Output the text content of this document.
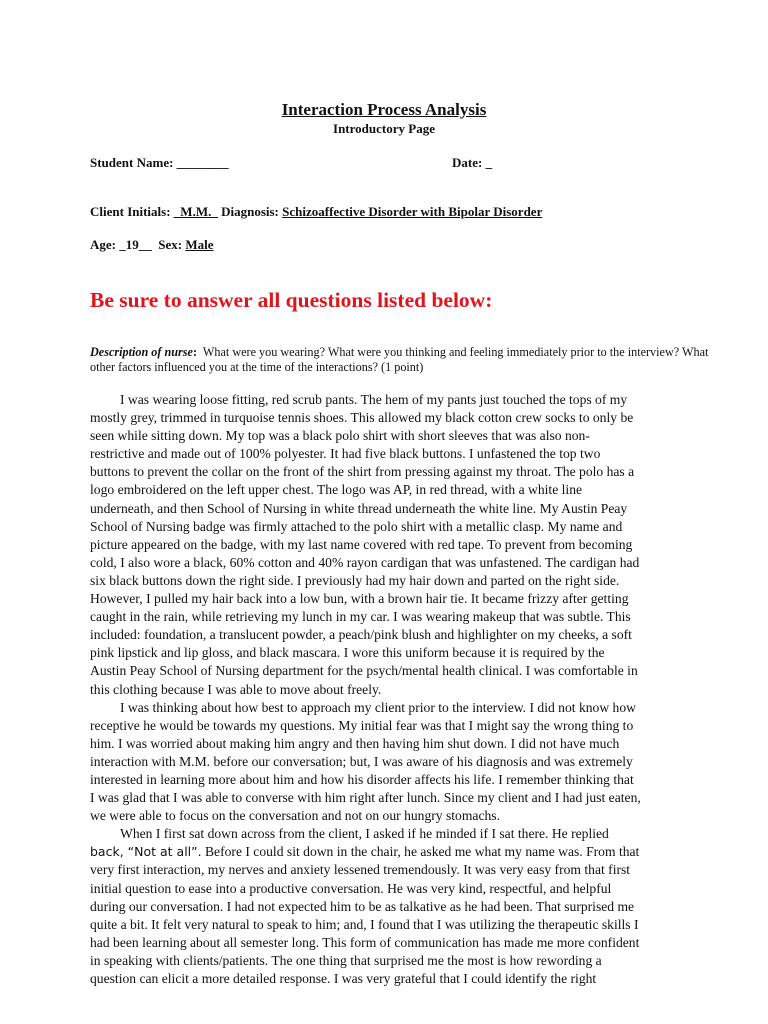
Interaction Process Analysis
Introductory Page
Student Name: ________	Date: _
Client Initials: _M.M._ Diagnosis: Schizoaffective Disorder with Bipolar Disorder
Age: _19__ Sex: Male
Be sure to answer all questions listed below:
Description of nurse: What were you wearing? What were you thinking and feeling immediately prior to the interview? What other factors influenced you at the time of the interactions? (1 point)
I was wearing loose fitting, red scrub pants. The hem of my pants just touched the tops of my
mostly grey, trimmed in turquoise tennis shoes. This allowed my black cotton crew socks to only be
seen while sitting down. My top was a black polo shirt with short sleeves that was also non-
restrictive and made out of 100% polyester. It had five black buttons. I unfastened the top two
buttons to prevent the collar on the front of the shirt from pressing against my throat. The polo has a
logo embroidered on the left upper chest. The logo was AP, in red thread, with a white line
underneath, and then School of Nursing in white thread underneath the white line. My Austin Peay
School of Nursing badge was firmly attached to the polo shirt with a metallic clasp. My name and
picture appeared on the badge, with my last name covered with red tape. To prevent from becoming
cold, I also wore a black, 60% cotton and 40% rayon cardigan that was unfastened. The cardigan had
six black buttons down the right side. I previously had my hair down and parted on the right side.
However, I pulled my hair back into a low bun, with a brown hair tie. It became frizzy after getting
caught in the rain, while retrieving my lunch in my car. I was wearing makeup that was subtle. This
included: foundation, a translucent powder, a peach/pink blush and highlighter on my cheeks, a soft
pink lipstick and lip gloss, and black mascara. I wore this uniform because it is required by the
Austin Peay School of Nursing department for the psych/mental health clinical. I was comfortable in
this clothing because I was able to move about freely.
I was thinking about how best to approach my client prior to the interview. I did not know how
receptive he would be towards my questions. My initial fear was that I might say the wrong thing to
him. I was worried about making him angry and then having him shut down. I did not have much
interaction with M.M. before our conversation; but, I was aware of his diagnosis and was extremely
interested in learning more about him and how his disorder affects his life. I remember thinking that
I was glad that I was able to converse with him right after lunch. Since my client and I had just eaten,
we were able to focus on the conversation and not on our hungry stomachs.
When I first sat down across from the client, I asked if he minded if I sat there. He replied
back, “Not at all”. Before I could sit down in the chair, he asked me what my name was. From that
very first interaction, my nerves and anxiety lessened tremendously. It was very easy from that first
initial question to ease into a productive conversation. He was very kind, respectful, and helpful
during our conversation. I had not expected him to be as talkative as he had been. That surprised me
quite a bit. It felt very natural to speak to him; and, I found that I was utilizing the therapeutic skills I
had been learning about all semester long. This form of communication has made me more confident
in speaking with clients/patients. The one thing that surprised me the most is how rewording a
question can elicit a more detailed response. I was very grateful that I could identify the right
